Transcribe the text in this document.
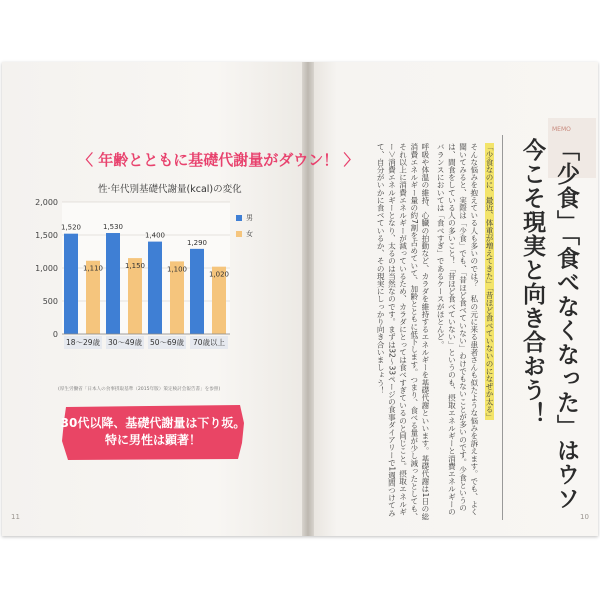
MEMO
〈 年齢とともに基礎代謝量がダウン！ 〉
性·年代別基礎代謝量(kcal)の変化
0
500
1,000
1,500
2,000
1,520
1,110
18～29歳
1,530
1,150
30～49歳
1,400
1,100
50～69歳
1,290
1,020
70歳以上
男
女
(厚生労働省「日本人の食事摂取基準（2015年版）策定検討会報告書」を参照)
30代以降、基礎代謝量は下り坂。
特に男性は顕著！
11	10
「少食」「食べなくなった」はウソ
今こそ現実と向き合おう！

「少食なのに、最近、体重が増えてきた」「昔ほど食べていないのになぜか太る」

そんな悩みを抱えている人も多いのでは？　私の元に来る患者さんも似たような悩みを訴えます。でも、よく聞いてみると、実際は「少食」でも、「昔ほど食べていない」わけでもないことが多いのです。少食というのは、間食をしている人の多いこと！「昔ほど食べていない」というのも、摂取エネルギーと消費エネルギーのバランスにおいては「食べすぎ」であるケースがほとんど。

呼吸や体温の維持、心臓の拍動など、カラダを維持するエネルギーを基礎代謝といいます。基礎代謝は1日の総消費エネルギー量の約7割を占めていて、加齢とともに低下します。つまり、食べる量が少し減ったとしても、それ以上に消費エネルギーが減っているため、カラダにとっては食べすぎているのと同じこと。摂取エネルギー＞消費エネルギーとなり、太るのは当然なのです。まずは32～33ページの食事ダイアリーで1週間つけてみて、自分がいかに食べているか、その現実にしっかり向き合いましょう！
